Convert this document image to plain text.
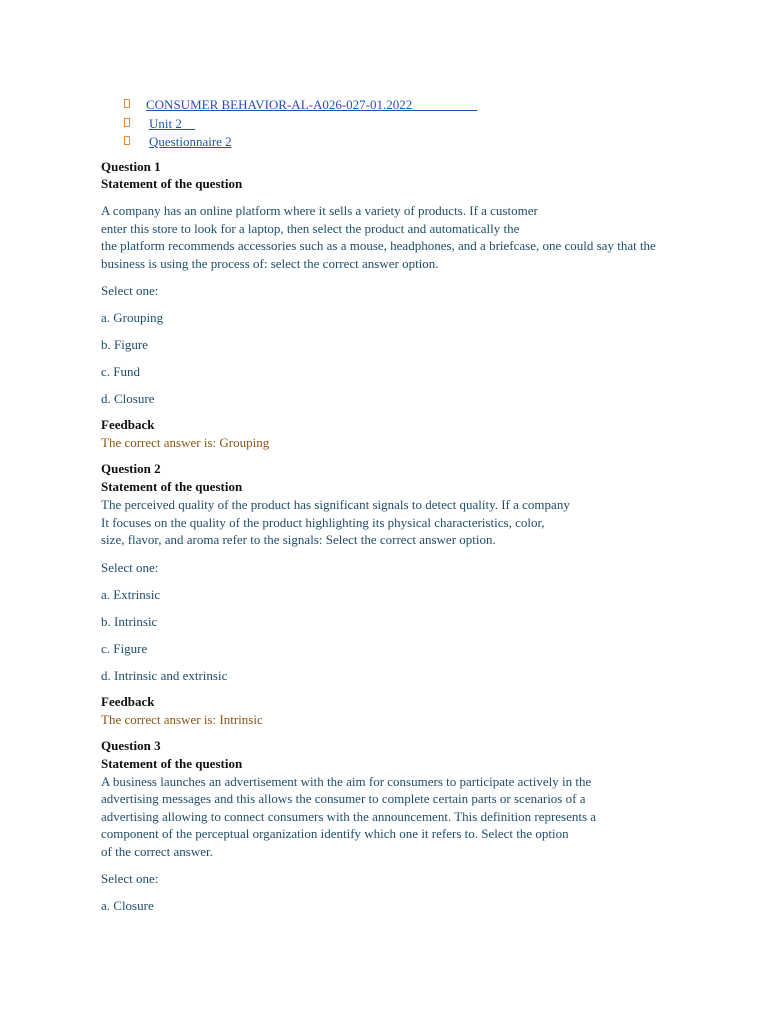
CONSUMER BEHAVIOR-AL-A026-027-01.2022__________
Unit 2__
Questionnaire 2
Question 1
Statement of the question
A company has an online platform where it sells a variety of products. If a customer
enter this store to look for a laptop, then select the product and automatically the
the platform recommends accessories such as a mouse, headphones, and a briefcase, one could say that the
business is using the process of: select the correct answer option.
Select one:
a. Grouping
b. Figure
c. Fund
d. Closure
Feedback
The correct answer is: Grouping
Question 2
Statement of the question
The perceived quality of the product has significant signals to detect quality. If a company
It focuses on the quality of the product highlighting its physical characteristics, color,
size, flavor, and aroma refer to the signals: Select the correct answer option.
Select one:
a. Extrinsic
b. Intrinsic
c. Figure
d. Intrinsic and extrinsic
Feedback
The correct answer is: Intrinsic
Question 3
Statement of the question
A business launches an advertisement with the aim for consumers to participate actively in the
advertising messages and this allows the consumer to complete certain parts or scenarios of a
advertising allowing to connect consumers with the announcement. This definition represents a
component of the perceptual organization identify which one it refers to. Select the option
of the correct answer.
Select one:
a. Closure
